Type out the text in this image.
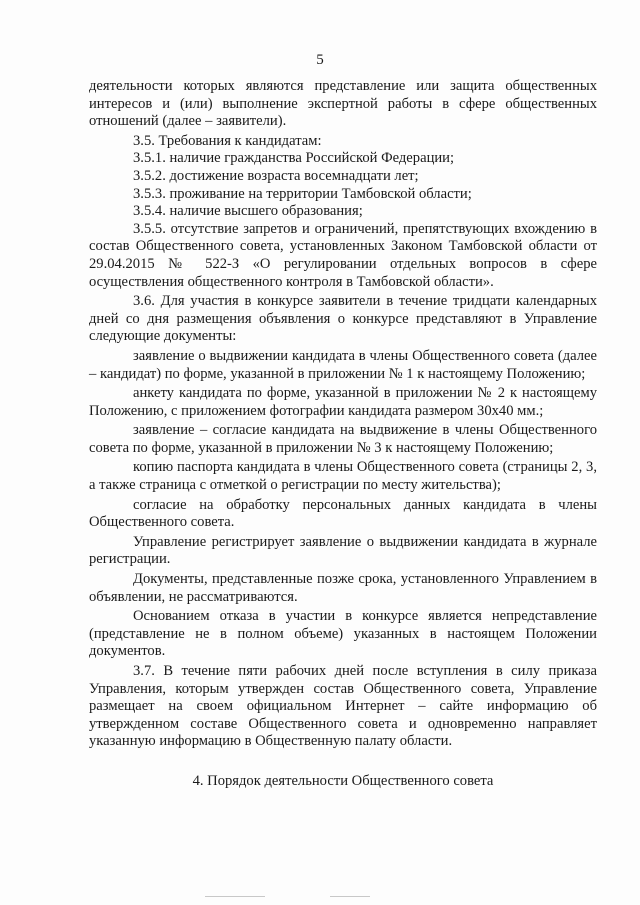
5

деятельности которых являются представление или защита общественных интересов и (или) выполнение экспертной работы в сфере общественных отношений (далее – заявители).

3.5. Требования к кандидатам:

3.5.1. наличие гражданства Российской Федерации;

3.5.2. достижение возраста восемнадцати лет;

3.5.3. проживание на территории Тамбовской области;

3.5.4. наличие высшего образования;

3.5.5. отсутствие запретов и ограничений, препятствующих вхождению в состав Общественного совета, установленных Законом Тамбовской области от 29.04.2015 № 522-З «О регулировании отдельных вопросов в сфере осуществления общественного контроля в Тамбовской области».

3.6. Для участия в конкурсе заявители в течение тридцати календарных дней со дня размещения объявления о конкурсе представляют в Управление следующие документы:

заявление о выдвижении кандидата в члены Общественного совета (далее – кандидат) по форме, указанной в приложении № 1 к настоящему Положению;

анкету кандидата по форме, указанной в приложении № 2 к настоящему Положению, с приложением фотографии кандидата размером 30х40 мм.;

заявление – согласие кандидата на выдвижение в члены Общественного совета по форме, указанной в приложении № 3 к настоящему Положению;

копию паспорта кандидата в члены Общественного совета (страницы 2, 3, а также страница с отметкой о регистрации по месту жительства);

согласие на обработку персональных данных кандидата в члены Общественного совета.

Управление регистрирует заявление о выдвижении кандидата в журнале регистрации.

Документы, представленные позже срока, установленного Управлением в объявлении, не рассматриваются.

Основанием отказа в участии в конкурсе является непредставление (представление не в полном объеме) указанных в настоящем Положении документов.

3.7. В течение пяти рабочих дней после вступления в силу приказа Управления, которым утвержден состав Общественного совета, Управление размещает на своем официальном Интернет – сайте информацию об утвержденном составе Общественного совета и одновременно направляет указанную информацию в Общественную палату области.

4. Порядок деятельности Общественного совета
